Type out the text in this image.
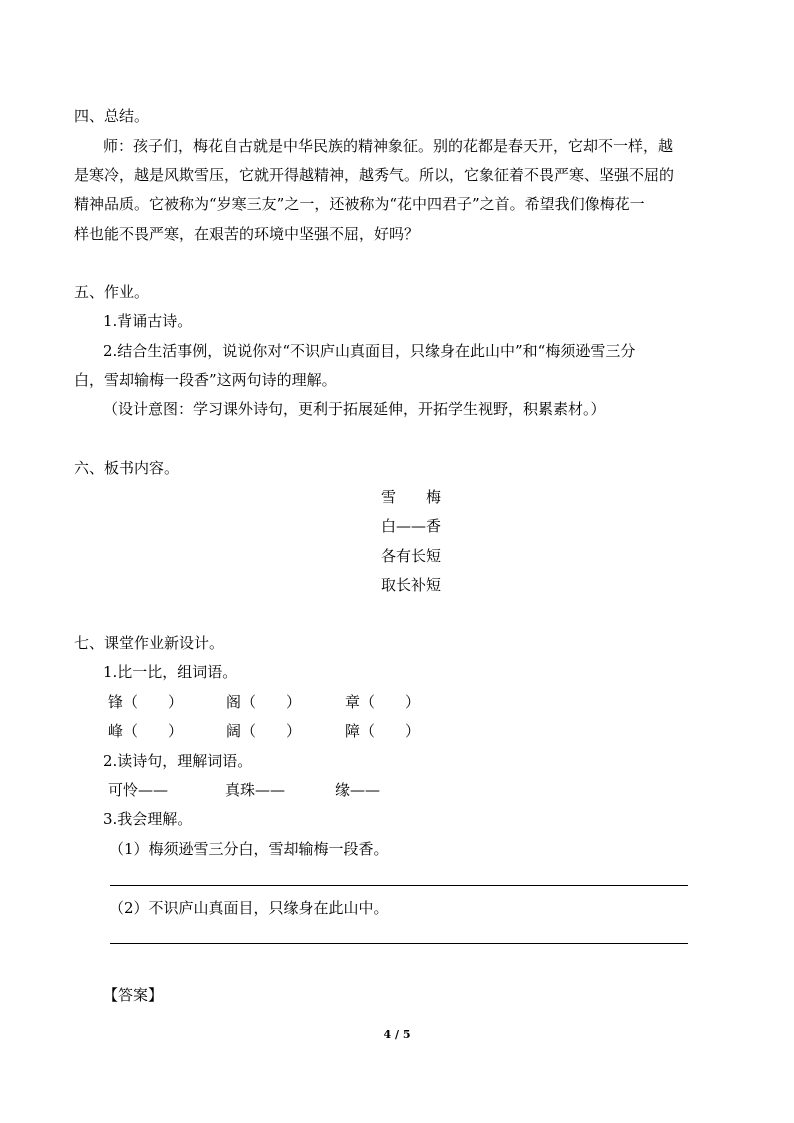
四、总结。
师：孩子们，梅花自古就是中华民族的精神象征。别的花都是春天开，它却不一样，越
是寒冷，越是风欺雪压，它就开得越精神，越秀气。所以，它象征着不畏严寒、坚强不屈的
精神品质。它被称为“岁寒三友”之一，还被称为“花中四君子”之首。希望我们像梅花一
样也能不畏严寒，在艰苦的环境中坚强不屈，好吗？
五、作业。
1.背诵古诗。
2.结合生活事例，说说你对“不识庐山真面目，只缘身在此山中”和“梅须逊雪三分
白，雪却输梅一段香”这两句诗的理解。
（设计意图：学习课外诗句，更利于拓展延伸，开拓学生视野，积累素材。）
六、板书内容。
雪　　梅
白——香
各有长短
取长补短
七、课堂作业新设计。
1.比一比，组词语。
锋（　　）	阁（　　）	章（　　）
峰（　　）	阔（　　）	障（　　）
2.读诗句，理解词语。
可怜——	真珠——	缘——
3.我会理解。
（1）梅须逊雪三分白，雪却输梅一段香。
（2）不识庐山真面目，只缘身在此山中。
【答案】
4 / 5
